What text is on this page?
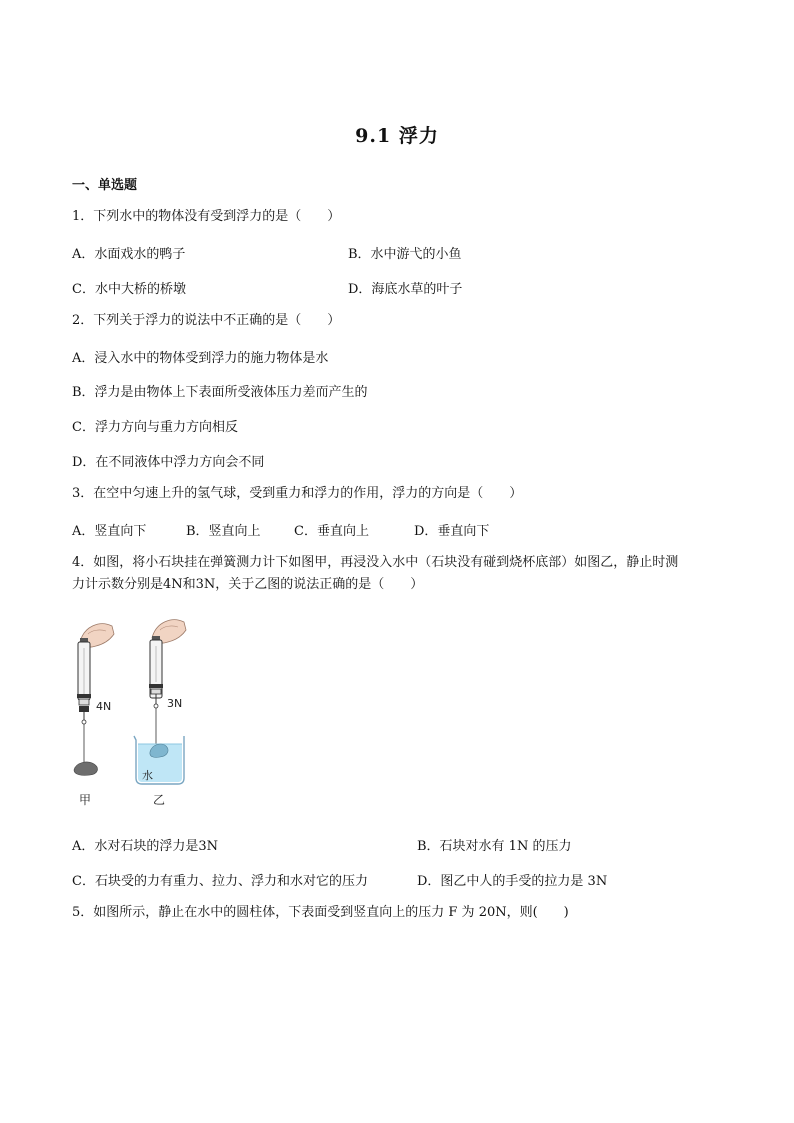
9.1 浮力
一、单选题
1．下列水中的物体没有受到浮力的是（　　）
A．水面戏水的鸭子	B．水中游弋的小鱼
C．水中大桥的桥墩	D．海底水草的叶子
2．下列关于浮力的说法中不正确的是（　　）
A．浸入水中的物体受到浮力的施力物体是水
B．浮力是由物体上下表面所受液体压力差而产生的
C．浮力方向与重力方向相反
D．在不同液体中浮力方向会不同
3．在空中匀速上升的氢气球，受到重力和浮力的作用，浮力的方向是（　　）
A．竖直向下	B．竖直向上	C．垂直向上	D．垂直向下
4．如图，将小石块挂在弹簧测力计下如图甲，再浸没入水中（石块没有碰到烧杯底部）如图乙，静止时测
力计示数分别是4N和3N，关于乙图的说法正确的是（　　）
4N
甲
3N
水
乙
A．水对石块的浮力是3N	B．石块对水有 1N 的压力
C．石块受的力有重力、拉力、浮力和水对它的压力	D．图乙中人的手受的拉力是 3N
5．如图所示，静止在水中的圆柱体，下表面受到竖直向上的压力 F 为 20N，则(　　)
